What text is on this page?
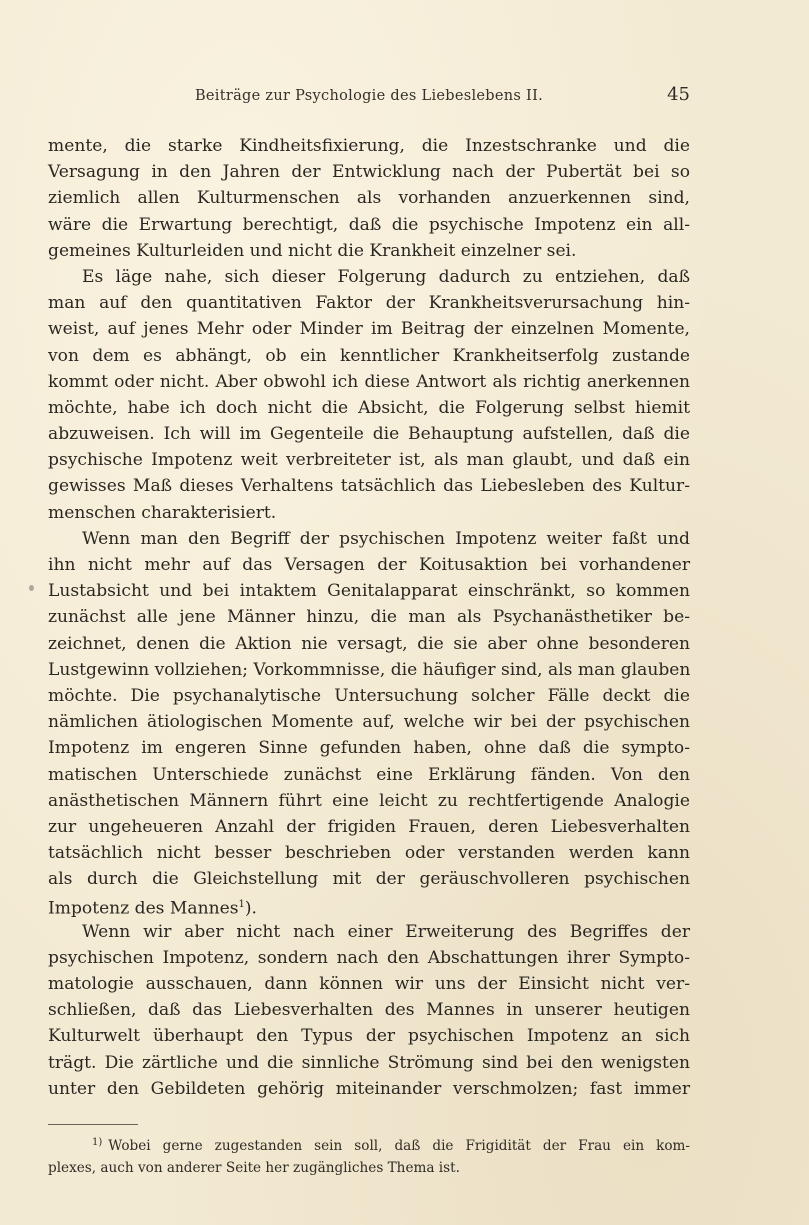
Beiträge zur Psychologie des Liebeslebens II.	45
mente, die starke Kindheitsfixierung, die Inzestschranke und die
Versagung in den Jahren der Entwicklung nach der Pubertät bei so
ziemlich allen Kulturmenschen als vorhanden anzuerkennen sind,
wäre die Erwartung berechtigt, daß die psychische Impotenz ein all-
gemeines Kulturleiden und nicht die Krankheit einzelner sei.
Es läge nahe, sich dieser Folgerung dadurch zu entziehen, daß
man auf den quantitativen Faktor der Krankheitsverursachung hin-
weist, auf jenes Mehr oder Minder im Beitrag der einzelnen Momente,
von dem es abhängt, ob ein kenntlicher Krankheitserfolg zustande
kommt oder nicht. Aber obwohl ich diese Antwort als richtig anerkennen
möchte, habe ich doch nicht die Absicht, die Folgerung selbst hiemit
abzuweisen. Ich will im Gegenteile die Behauptung aufstellen, daß die
psychische Impotenz weit verbreiteter ist, als man glaubt, und daß ein
gewisses Maß dieses Verhaltens tatsächlich das Liebesleben des Kultur-
menschen charakterisiert.
Wenn man den Begriff der psychischen Impotenz weiter faßt und
ihn nicht mehr auf das Versagen der Koitusaktion bei vorhandener
Lustabsicht und bei intaktem Genitalapparat einschränkt, so kommen
zunächst alle jene Männer hinzu, die man als Psychanästhetiker be-
zeichnet, denen die Aktion nie versagt, die sie aber ohne besonderen
Lustgewinn vollziehen; Vorkommnisse, die häufiger sind, als man glauben
möchte. Die psychanalytische Untersuchung solcher Fälle deckt die
nämlichen ätiologischen Momente auf, welche wir bei der psychischen
Impotenz im engeren Sinne gefunden haben, ohne daß die sympto-
matischen Unterschiede zunächst eine Erklärung fänden. Von den
anästhetischen Männern führt eine leicht zu rechtfertigende Analogie
zur ungeheueren Anzahl der frigiden Frauen, deren Liebesverhalten
tatsächlich nicht besser beschrieben oder verstanden werden kann
als durch die Gleichstellung mit der geräuschvolleren psychischen
Impotenz des Mannes$^1$).
Wenn wir aber nicht nach einer Erweiterung des Begriffes der
psychischen Impotenz, sondern nach den Abschattungen ihrer Sympto-
matologie ausschauen, dann können wir uns der Einsicht nicht ver-
schließen, daß das Liebesverhalten des Mannes in unserer heutigen
Kulturwelt überhaupt den Typus der psychischen Impotenz an sich
trägt. Die zärtliche und die sinnliche Strömung sind bei den wenigsten
unter den Gebildeten gehörig miteinander verschmolzen; fast immer
$^{1)}$ Wobei gerne zugestanden sein soll, daß die Frigidität der Frau ein kom-
plexes, auch von anderer Seite her zugängliches Thema ist.
